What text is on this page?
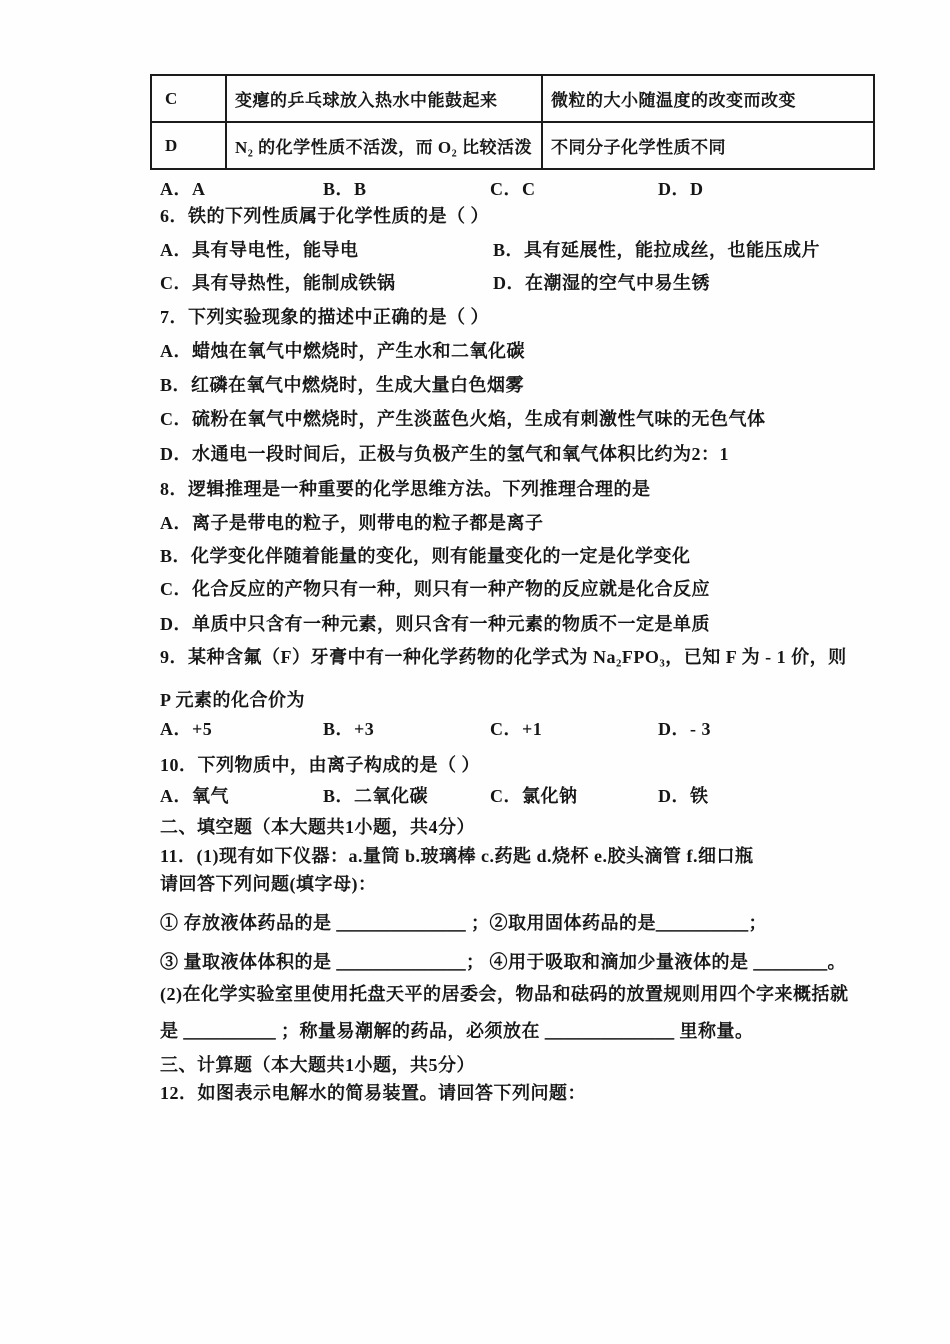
C	变瘪的乒乓球放入热水中能鼓起来	微粒的大小随温度的改变而改变
D	N₂ 的化学性质不活泼，而 O₂ 比较活泼	不同分子化学性质不同
A．A	B．B	C．C	D．D
6．铁的下列性质属于化学性质的是（ ）
A．具有导电性，能导电	B．具有延展性，能拉成丝，也能压成片
C．具有导热性，能制成铁锅	D．在潮湿的空气中易生锈
7．下列实验现象的描述中正确的是（ ）
A．蜡烛在氧气中燃烧时，产生水和二氧化碳
B．红磷在氧气中燃烧时，生成大量白色烟雾
C．硫粉在氧气中燃烧时，产生淡蓝色火焰，生成有刺激性气味的无色气体
D．水通电一段时间后，正极与负极产生的氢气和氧气体积比约为2：1
8．逻辑推理是一种重要的化学思维方法。下列推理合理的是
A．离子是带电的粒子，则带电的粒子都是离子
B．化学变化伴随着能量的变化，则有能量变化的一定是化学变化
C．化合反应的产物只有一种，则只有一种产物的反应就是化合反应
D．单质中只含有一种元素，则只含有一种元素的物质不一定是单质
9．某种含氟（F）牙膏中有一种化学药物的化学式为 Na₂FPO₃，已知 F 为 - 1 价，则
P 元素的化合价为
A．+5	B．+3	C．+1	D．- 3
10．下列物质中，由离子构成的是（ ）
A．氧气	B．二氧化碳	C．氯化钠	D．铁
二、填空题（本大题共1小题，共4分）
11．(1)现有如下仪器：a.量筒 b.玻璃棒 c.药匙 d.烧杯 e.胶头滴管 f.细口瓶
请回答下列问题(填字母)：
① 存放液体药品的是 ＿＿＿＿＿＿＿ ；②取用固体药品的是＿＿＿＿＿；
③ 量取液体体积的是 ＿＿＿＿＿＿＿； ④用于吸取和滴加少量液体的是 ＿＿＿＿。
(2)在化学实验室里使用托盘天平的居委会，物品和砝码的放置规则用四个字来概括就
是 ＿＿＿＿＿ ；称量易潮解的药品，必须放在 ＿＿＿＿＿＿＿ 里称量。
三、计算题（本大题共1小题，共5分）
12．如图表示电解水的简易装置。请回答下列问题：
